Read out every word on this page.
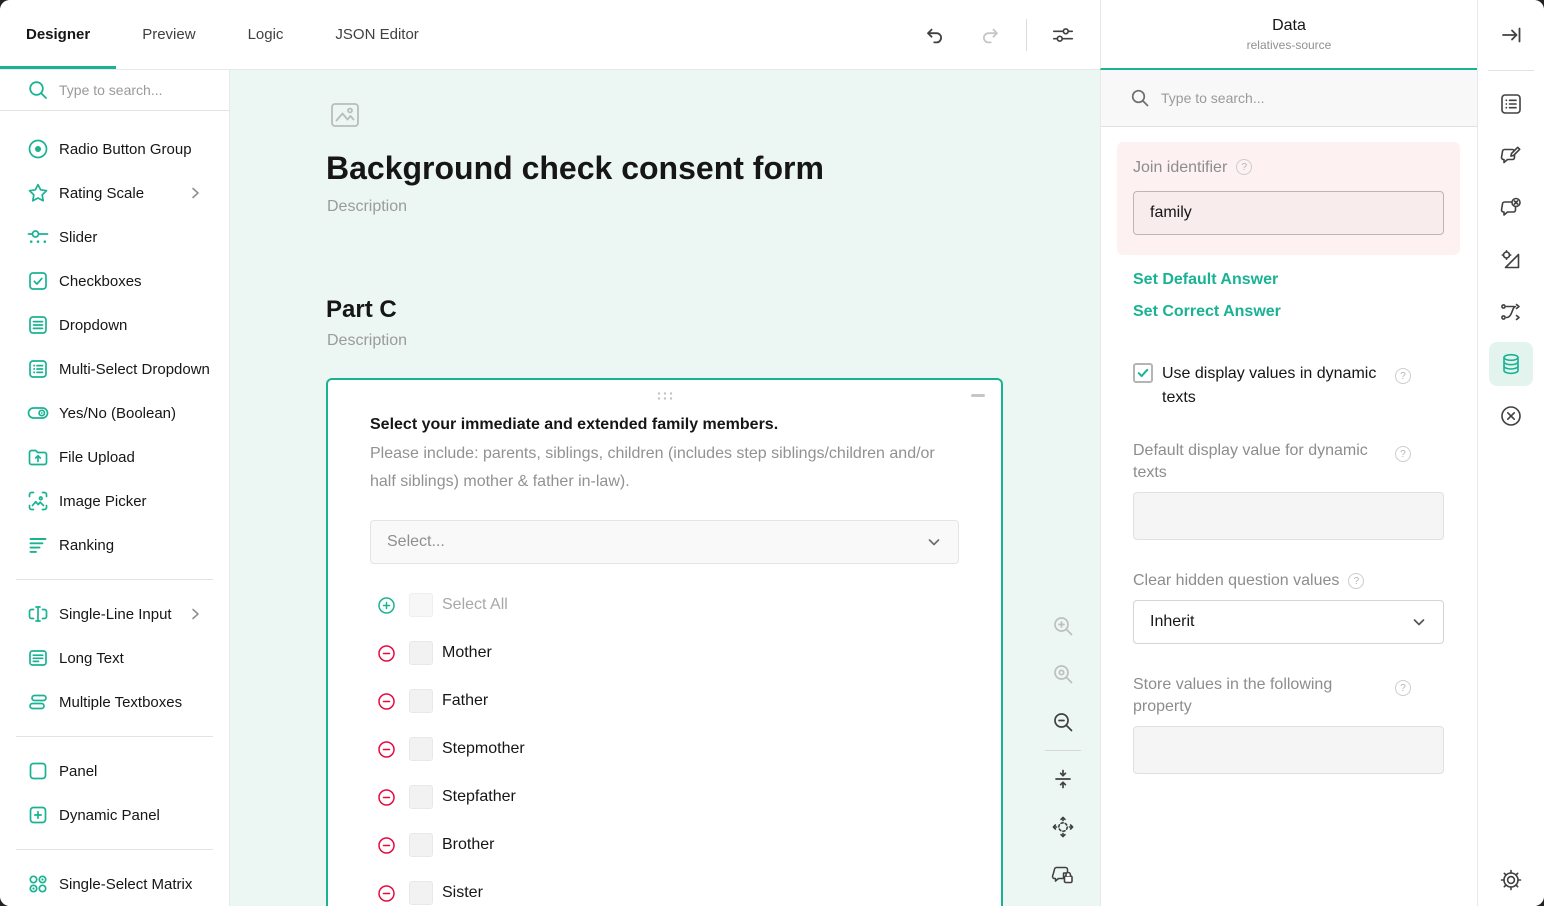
Designer	Preview	Logic	JSON Editor
Data
relatives-source
Type to search...
Radio Button Group
Rating Scale
Slider
Checkboxes
Dropdown
Multi-Select Dropdown
Yes/No (Boolean)
File Upload
Image Picker
Ranking
Single-Line Input
Long Text
Multiple Textboxes
Panel
Dynamic Panel
Single-Select Matrix
Background check consent form
Description
Part C
Description
Select your immediate and extended family members.
Please include: parents, siblings, children (includes step siblings/children and/or half siblings) mother & father in-law).
Select...
Select All
Mother
Father
Stepmother
Stepfather
Brother
Sister
Type to search...
Join identifier	?
family
Set Default Answer
Set Correct Answer
Use display values in dynamic texts
?
Default display value for dynamic texts
?
Clear hidden question values	?
Inherit
Store values in the following property
?
